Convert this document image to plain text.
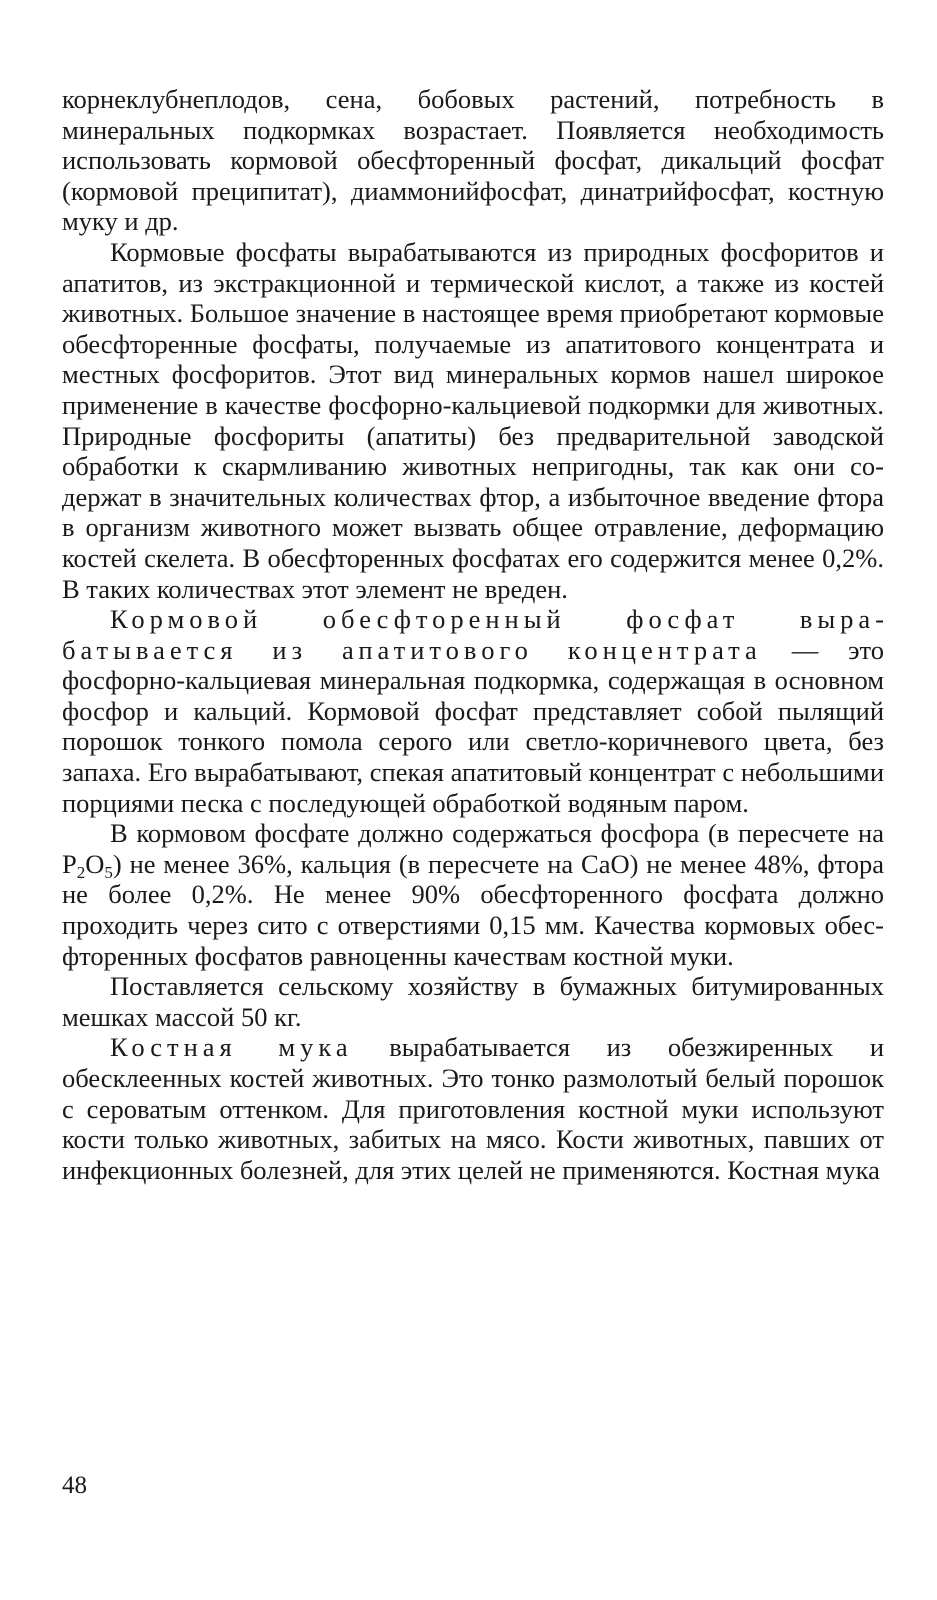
корнеклубнеплодов, сена, бобовых растений, потребность в минеральных подкормках возрастает. Появляется необходимость использовать кормовой обесфторенный фосфат, дикальций фосфат (кормовой преципитат), диаммонийфосфат, динатрийфосфат, костную муку и др.

Кормовые фосфаты вырабатываются из природных фосфоритов и апатитов, из экстракционной и термической кислот, а также из костей животных. Большое значение в настоящее время приобретают кормовые обесфторенные фосфаты, получаемые из апатитового концентрата и местных фосфоритов. Этот вид минеральных кормов нашел широкое применение в качестве фосфорно-кальциевой подкормки для животных. Природные фосфориты (апатиты) без предварительной заводской обработки к скармливанию животных непригодны, так как они содержат в значительных количествах фтор, а избыточное введение фтора в организм животного может вызвать общее отравление, деформацию костей скелета. В обесфторенных фосфатах его содержится менее 0,2%. В таких количествах этот элемент не вреден.

Кормовой обесфторенный фосфат вырабатывается из апатитового концентрата — это фосфорно-кальциевая минеральная подкормка, содержащая в основном фосфор и кальций. Кормовой фосфат представляет собой пылящий порошок тонкого помола серого или светло-коричневого цвета, без запаха. Его вырабатывают, спекая апатитовый концентрат с небольшими порциями песка с последующей обработкой водяным паром.

В кормовом фосфате должно содержаться фосфора (в пересчете на $P_2O_5$) не менее 36%, кальция (в пересчете на CaO) не менее 48%, фтора не более 0,2%. Не менее 90% обесфторенного фосфата должно проходить через сито с отверстиями 0,15 мм. Качества кормовых обесфторенных фосфатов равноценны качествам костной муки.

Поставляется сельскому хозяйству в бумажных битумированных мешках массой 50 кг.

Костная мука вырабатывается из обезжиренных и обесклеенных костей животных. Это тонко размолотый белый порошок с сероватым оттенком. Для приготовления костной муки используют кости только животных, забитых на мясо. Кости животных, павших от инфекционных болезней, для этих целей не применяются. Костная мука

48
